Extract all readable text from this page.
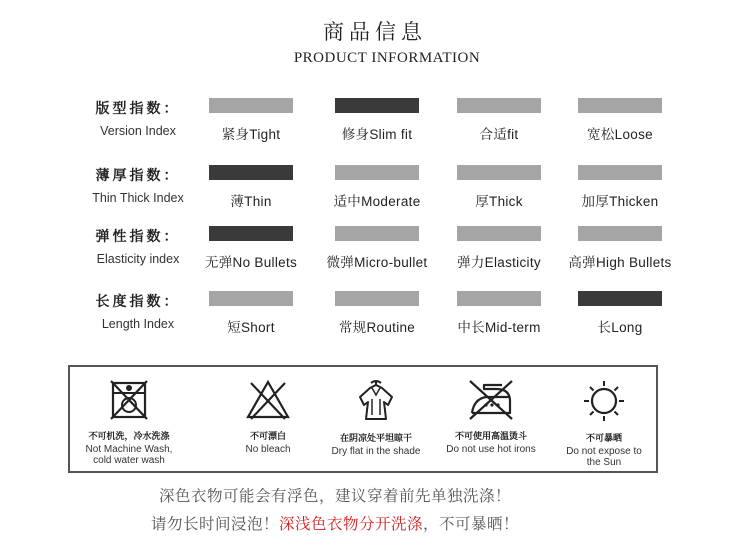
商品信息
PRODUCT INFORMATION
版型指数：
Version Index	紧身Tight	修身Slim fit	合适fit	宽松Loose
薄厚指数：
Thin Thick Index	薄Thin	适中Moderate	厚Thick	加厚Thicken
弹性指数：
Elasticity index	无弹No Bullets	微弹Micro-bullet	弹力Elasticity	高弹High Bullets
长度指数：
Length Index	短Short	常规Routine	中长Mid-term	长Long
不可机洗，冷水洗涤
Not Machine Wash,
cold water wash
不可漂白
No bleach
在阴凉处平坦晾干
Dry flat in the shade
不可使用高温烫斗
Do not use hot irons
不可暴晒
Do not expose to
the Sun
深色衣物可能会有浮色，建议穿着前先单独洗涤！
请勿长时间浸泡！深浅色衣物分开洗涤，不可暴晒！
